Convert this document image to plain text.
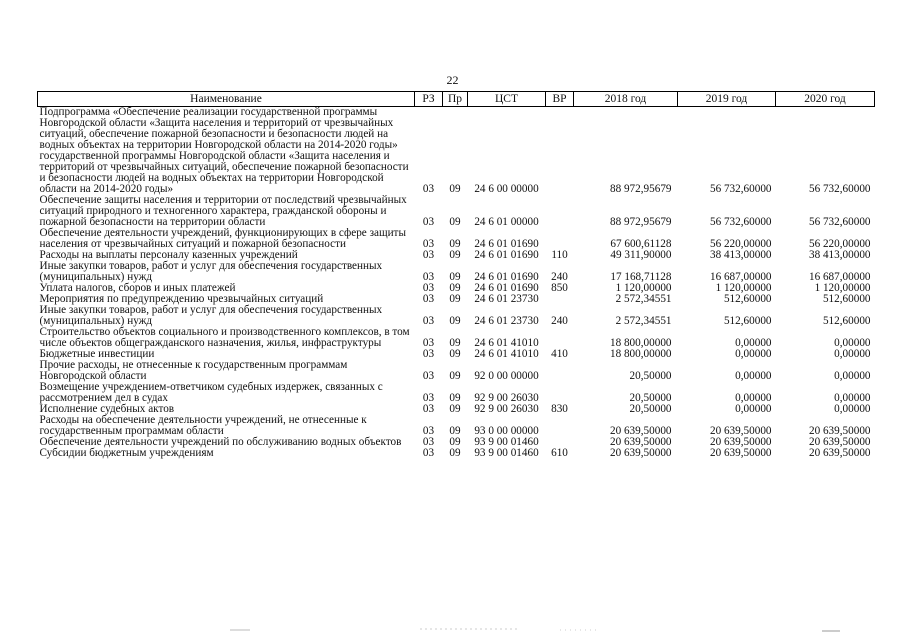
22
Наименование	РЗ	Пр	ЦСТ	ВР	2018 год	2019 год	2020 год
Подпрограмма «Обеспечение реализации государственной программы Новгородской области «Защита населения и территорий от чрезвычайных ситуаций, обеспечение пожарной безопасности и безопасности людей на водных объектах на территории Новгородской области на 2014-2020 годы» государственной программы Новгородской области «Защита населения и территорий от чрезвычайных ситуаций, обеспечение пожарной безопасности и безопасности людей на водных объектах на территории Новгородской области на 2014-2020 годы»	03	09	24 6 00 00000		88 972,95679	56 732,60000	56 732,60000
Обеспечение защиты населения и территории от последствий чрезвычайных ситуаций природного и техногенного характера, гражданской обороны и пожарной безопасности на территории области	03	09	24 6 01 00000		88 972,95679	56 732,60000	56 732,60000
Обеспечение деятельности учреждений, функционирующих в сфере защиты населения от чрезвычайных ситуаций и пожарной безопасности	03	09	24 6 01 01690		67 600,61128	56 220,00000	56 220,00000
Расходы на выплаты персоналу казенных учреждений	03	09	24 6 01 01690	110	49 311,90000	38 413,00000	38 413,00000
Иные закупки товаров, работ и услуг для обеспечения государственных (муниципальных) нужд	03	09	24 6 01 01690	240	17 168,71128	16 687,00000	16 687,00000
Уплата налогов, сборов и иных платежей	03	09	24 6 01 01690	850	1 120,00000	1 120,00000	1 120,00000
Мероприятия по предупреждению чрезвычайных ситуаций	03	09	24 6 01 23730		2 572,34551	512,60000	512,60000
Иные закупки товаров, работ и услуг для обеспечения государственных (муниципальных) нужд	03	09	24 6 01 23730	240	2 572,34551	512,60000	512,60000
Строительство объектов социального и производственного комплексов, в том числе объектов общегражданского назначения, жилья, инфраструктуры	03	09	24 6 01 41010		18 800,00000	0,00000	0,00000
Бюджетные инвестиции	03	09	24 6 01 41010	410	18 800,00000	0,00000	0,00000
Прочие расходы, не отнесенные к государственным программам Новгородской области	03	09	92 0 00 00000		20,50000	0,00000	0,00000
Возмещение учреждением-ответчиком судебных издержек, связанных с рассмотрением дел в судах	03	09	92 9 00 26030		20,50000	0,00000	0,00000
Исполнение судебных актов	03	09	92 9 00 26030	830	20,50000	0,00000	0,00000
Расходы на обеспечение деятельности учреждений, не отнесенные к государственным программам области	03	09	93 0 00 00000		20 639,50000	20 639,50000	20 639,50000
Обеспечение деятельности учреждений по обслуживанию водных объектов	03	09	93 9 00 01460		20 639,50000	20 639,50000	20 639,50000
Субсидии бюджетным учреждениям	03	09	93 9 00 01460	610	20 639,50000	20 639,50000	20 639,50000
